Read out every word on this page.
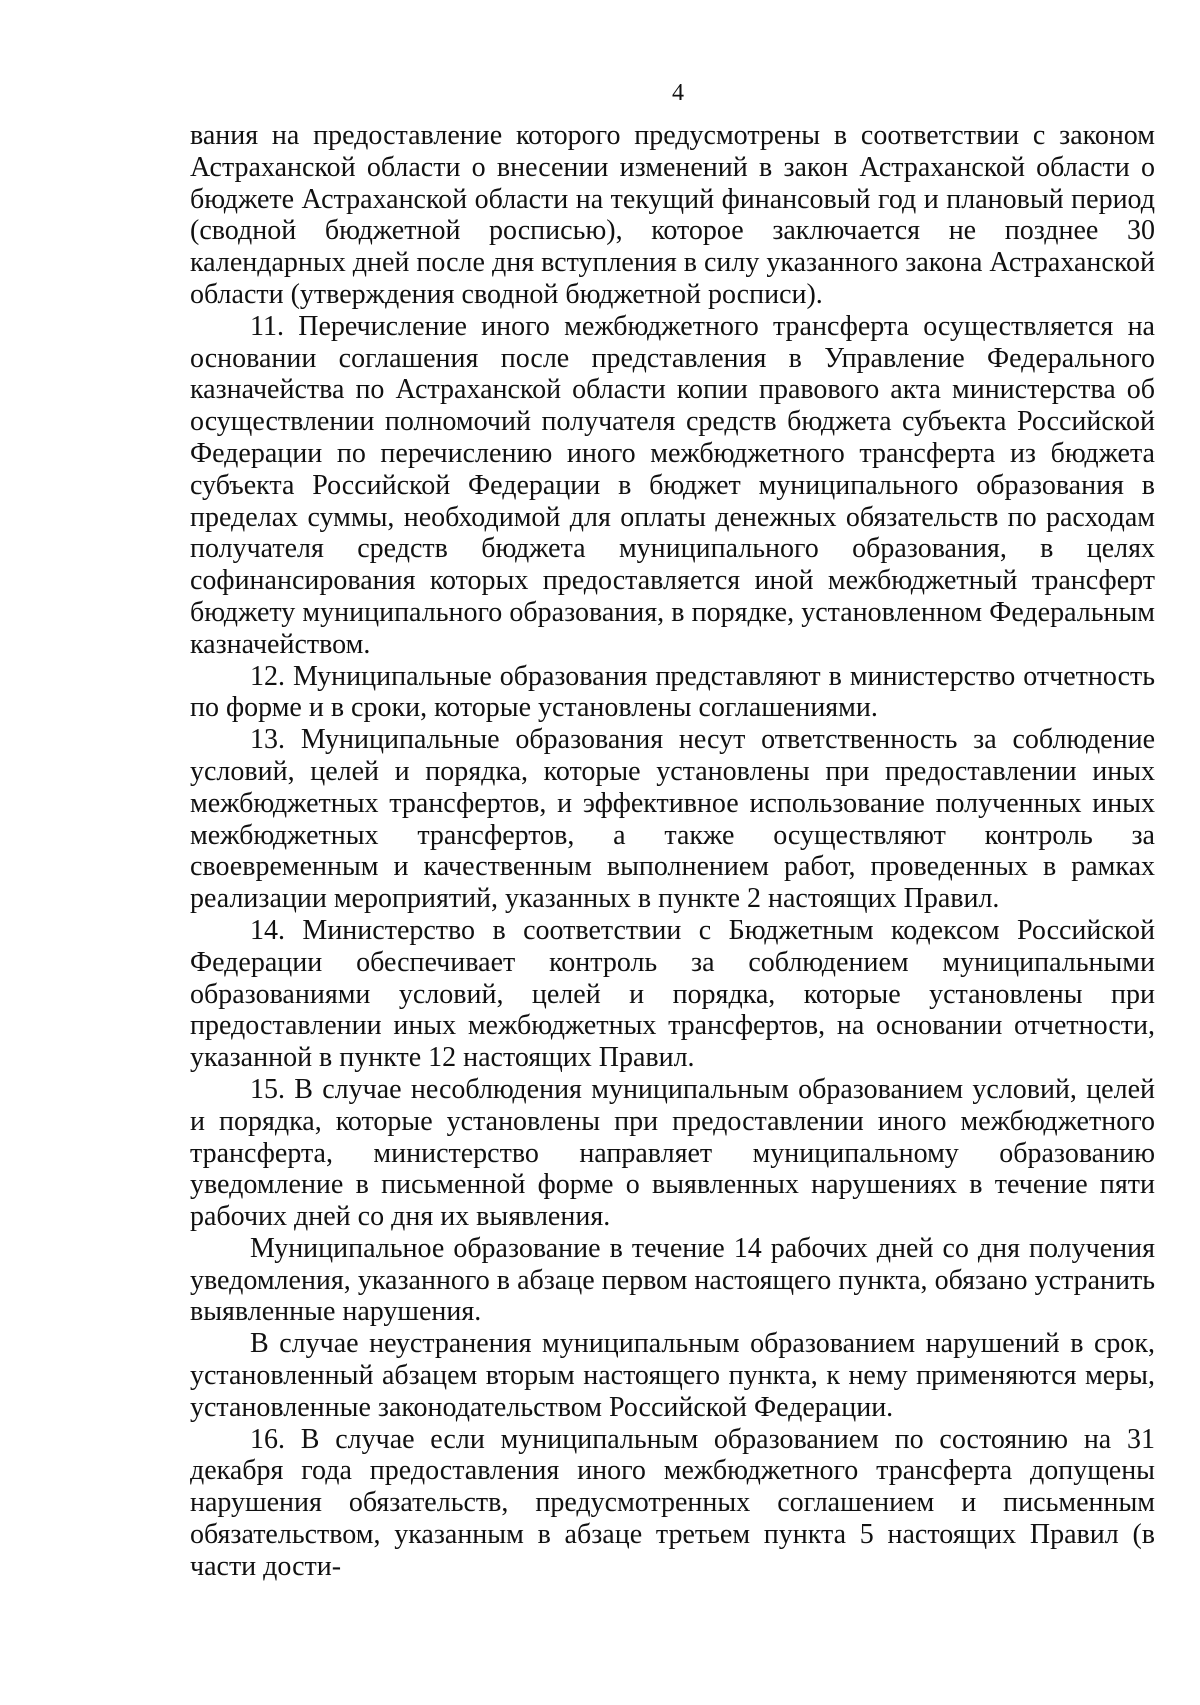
4

вания на предоставление которого предусмотрены в соответствии с законом Астраханской области о внесении изменений в закон Астраханской области о бюджете Астраханской области на текущий финансовый год и плановый период (сводной бюджетной росписью), которое заключается не позднее 30 календарных дней после дня вступления в силу указанного закона Астраханской области (утверждения сводной бюджетной росписи).

11. Перечисление иного межбюджетного трансферта осуществляется на основании соглашения после представления в Управление Федерального казначейства по Астраханской области копии правового акта министерства об осуществлении полномочий получателя средств бюджета субъекта Российской Федерации по перечислению иного межбюджетного трансферта из бюджета субъекта Российской Федерации в бюджет муниципального образования в пределах суммы, необходимой для оплаты денежных обязательств по расходам получателя средств бюджета муниципального образования, в целях софинансирования которых предоставляется иной межбюджетный трансферт бюджету муниципального образования, в порядке, установленном Федеральным казначейством.

12. Муниципальные образования представляют в министерство отчетность по форме и в сроки, которые установлены соглашениями.

13. Муниципальные образования несут ответственность за соблюдение условий, целей и порядка, которые установлены при предоставлении иных межбюджетных трансфертов, и эффективное использование полученных иных межбюджетных трансфертов, а также осуществляют контроль за своевременным и качественным выполнением работ, проведенных в рамках реализации мероприятий, указанных в пункте 2 настоящих Правил.

14. Министерство в соответствии с Бюджетным кодексом Российской Федерации обеспечивает контроль за соблюдением муниципальными образованиями условий, целей и порядка, которые установлены при предоставлении иных межбюджетных трансфертов, на основании отчетности, указанной в пункте 12 настоящих Правил.

15. В случае несоблюдения муниципальным образованием условий, целей и порядка, которые установлены при предоставлении иного межбюджетного трансферта, министерство направляет муниципальному образованию уведомление в письменной форме о выявленных нарушениях в течение пяти рабочих дней со дня их выявления.

Муниципальное образование в течение 14 рабочих дней со дня получения уведомления, указанного в абзаце первом настоящего пункта, обязано устранить выявленные нарушения.

В случае неустранения муниципальным образованием нарушений в срок, установленный абзацем вторым настоящего пункта, к нему применяются меры, установленные законодательством Российской Федерации.

16. В случае если муниципальным образованием по состоянию на 31 декабря года предоставления иного межбюджетного трансферта допущены нарушения обязательств, предусмотренных соглашением и письменным обязательством, указанным в абзаце третьем пункта 5 настоящих Правил (в части дости-
